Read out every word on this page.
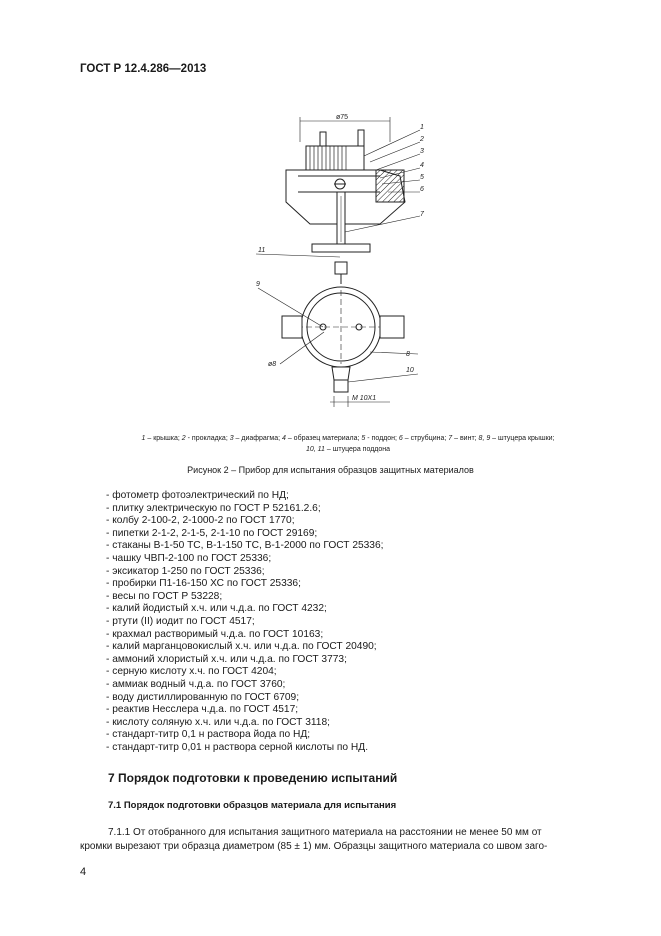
ГОСТ Р 12.4.286—2013
ø75
1
2
3
4
5
6
7
8
9
10
11
ø8
M 10X1
1 – крышка; 2 - прокладка; 3 – диафрагма; 4 – образец материала; 5 - поддон; 6 – струбцина; 7 – винт; 8, 9 – штуцера крышки;
10, 11 – штуцера поддона
Рисунок 2 – Прибор для испытания образцов защитных материалов
- фотометр фотоэлектрический по НД;
- плитку электрическую по ГОСТ Р 52161.2.6;
- колбу 2-100-2, 2-1000-2 по ГОСТ 1770;
- пипетки 2-1-2, 2-1-5, 2-1-10 по ГОСТ 29169;
- стаканы В-1-50 ТС, В-1-150 ТС, В-1-2000 по ГОСТ 25336;
- чашку ЧВП-2-100 по ГОСТ 25336;
- эксикатор 1-250 по ГОСТ 25336;
- пробирки П1-16-150 ХС по ГОСТ 25336;
- весы по ГОСТ Р 53228;
- калий йодистый х.ч. или ч.д.а. по ГОСТ 4232;
- ртути (II) иодит по ГОСТ 4517;
- крахмал растворимый ч.д.а. по ГОСТ 10163;
- калий марганцовокислый х.ч. или ч.д.а. по ГОСТ 20490;
- аммоний хлористый х.ч. или ч.д.а. по ГОСТ 3773;
- серную кислоту х.ч. по ГОСТ 4204;
- аммиак водный ч.д.а. по ГОСТ 3760;
- воду дистиллированную по ГОСТ 6709;
- реактив Несслера ч.д.а. по ГОСТ 4517;
- кислоту соляную х.ч. или ч.д.а. по ГОСТ 3118;
- стандарт-титр 0,1 н раствора йода по НД;
- стандарт-титр 0,01 н раствора серной кислоты по НД.
7 Порядок подготовки к проведению испытаний
7.1 Порядок подготовки образцов материала для испытания
7.1.1 От отобранного для испытания защитного материала на расстоянии не менее 50 мм от
кромки вырезают три образца диаметром (85 ± 1) мм. Образцы защитного материала со швом заго-
4
